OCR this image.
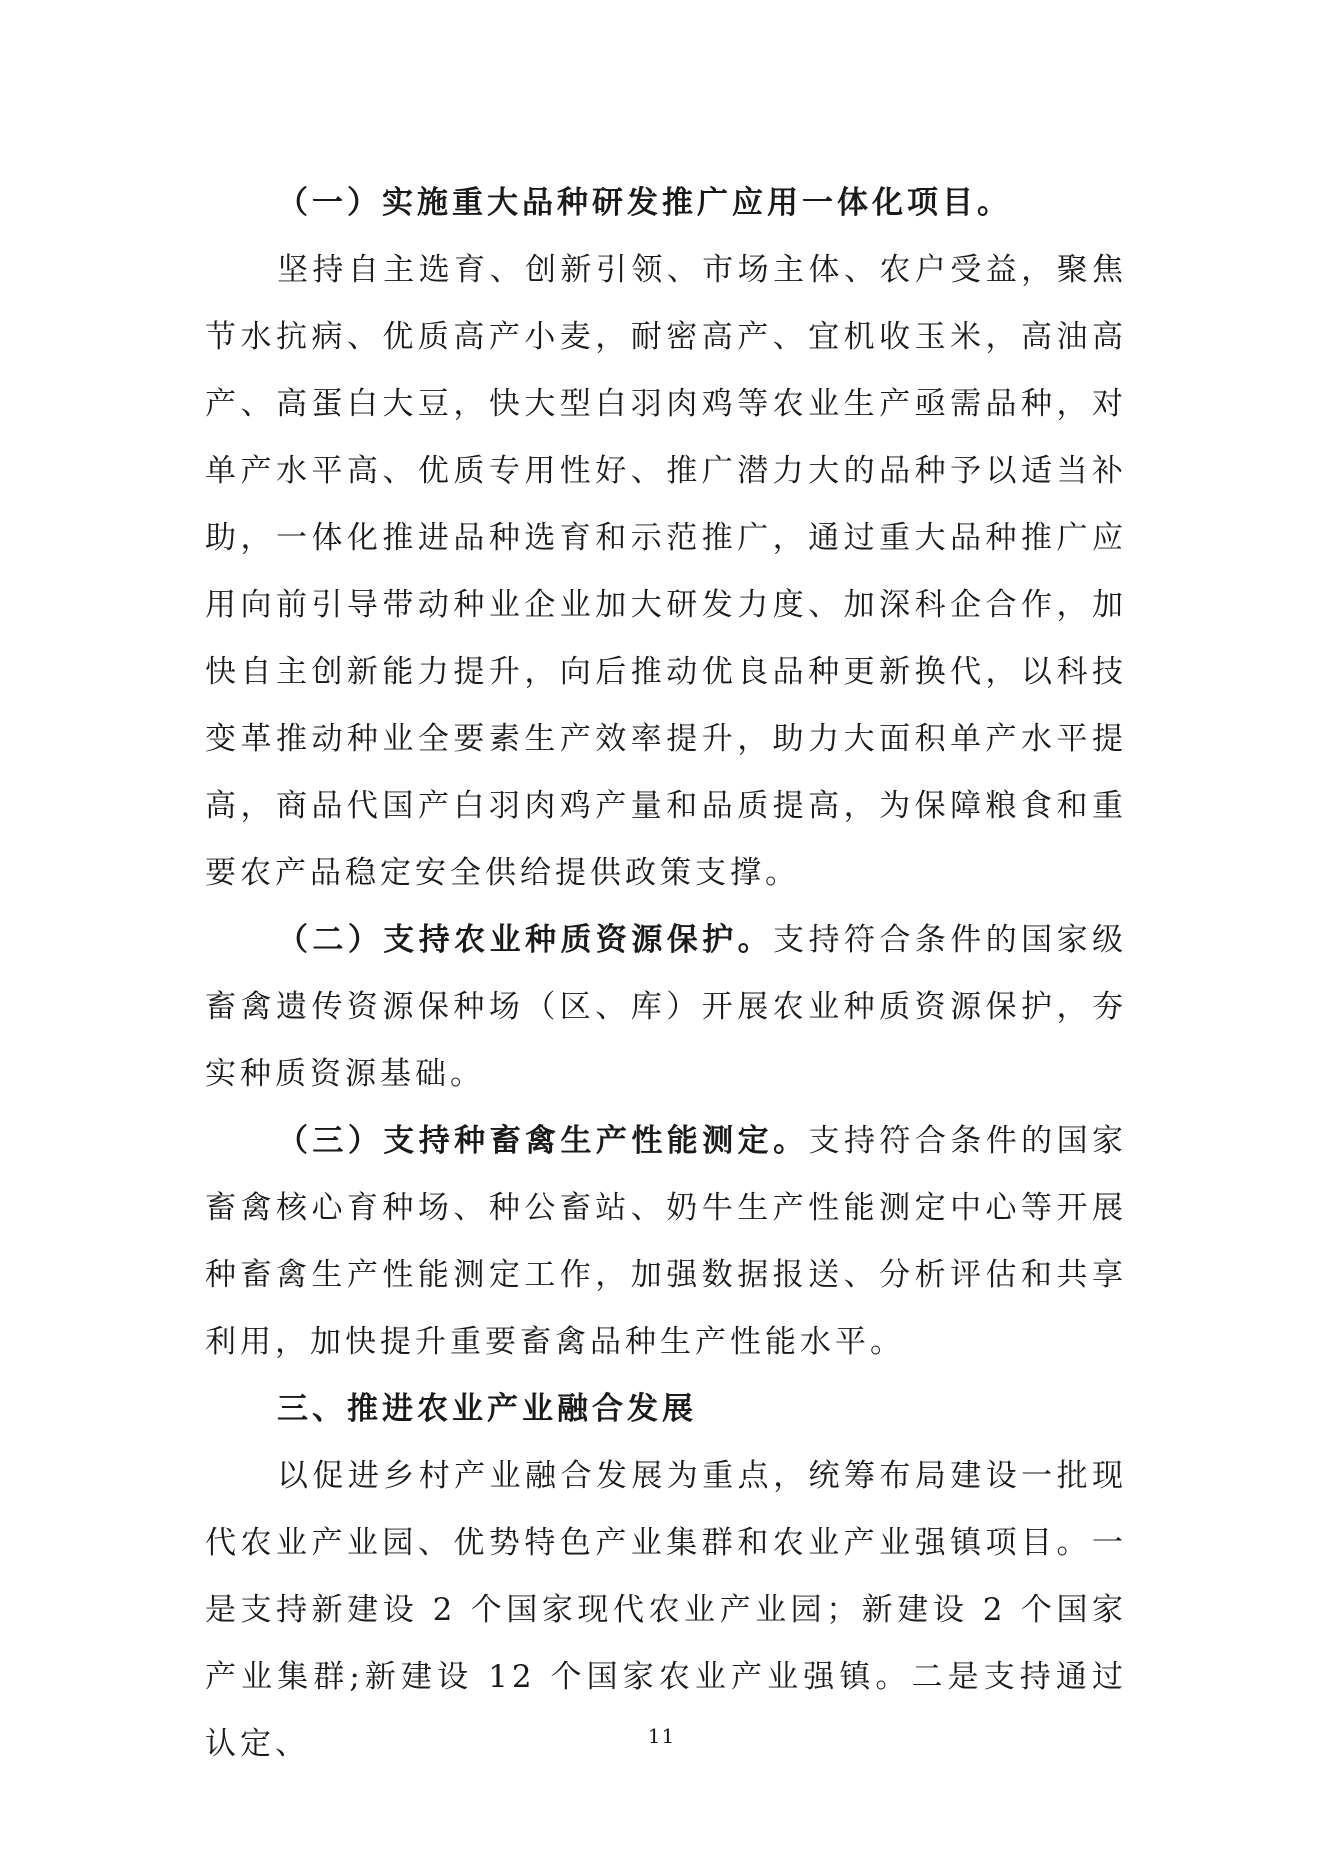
（一）实施重大品种研发推广应用一体化项目。

坚持自主选育、创新引领、市场主体、农户受益，聚焦节水抗病、优质高产小麦，耐密高产、宜机收玉米，高油高产、高蛋白大豆，快大型白羽肉鸡等农业生产亟需品种，对单产水平高、优质专用性好、推广潜力大的品种予以适当补助，一体化推进品种选育和示范推广，通过重大品种推广应用向前引导带动种业企业加大研发力度、加深科企合作，加快自主创新能力提升，向后推动优良品种更新换代，以科技变革推动种业全要素生产效率提升，助力大面积单产水平提高，商品代国产白羽肉鸡产量和品质提高，为保障粮食和重要农产品稳定安全供给提供政策支撑。

（二）支持农业种质资源保护。支持符合条件的国家级畜禽遗传资源保种场（区、库）开展农业种质资源保护，夯实种质资源基础。

（三）支持种畜禽生产性能测定。支持符合条件的国家畜禽核心育种场、种公畜站、奶牛生产性能测定中心等开展种畜禽生产性能测定工作，加强数据报送、分析评估和共享利用，加快提升重要畜禽品种生产性能水平。

三、推进农业产业融合发展

以促进乡村产业融合发展为重点，统筹布局建设一批现代农业产业园、优势特色产业集群和农业产业强镇项目。一是支持新建设 2 个国家现代农业产业园；新建设 2 个国家产业集群;新建设 12 个国家农业产业强镇。二是支持通过认定、	11
